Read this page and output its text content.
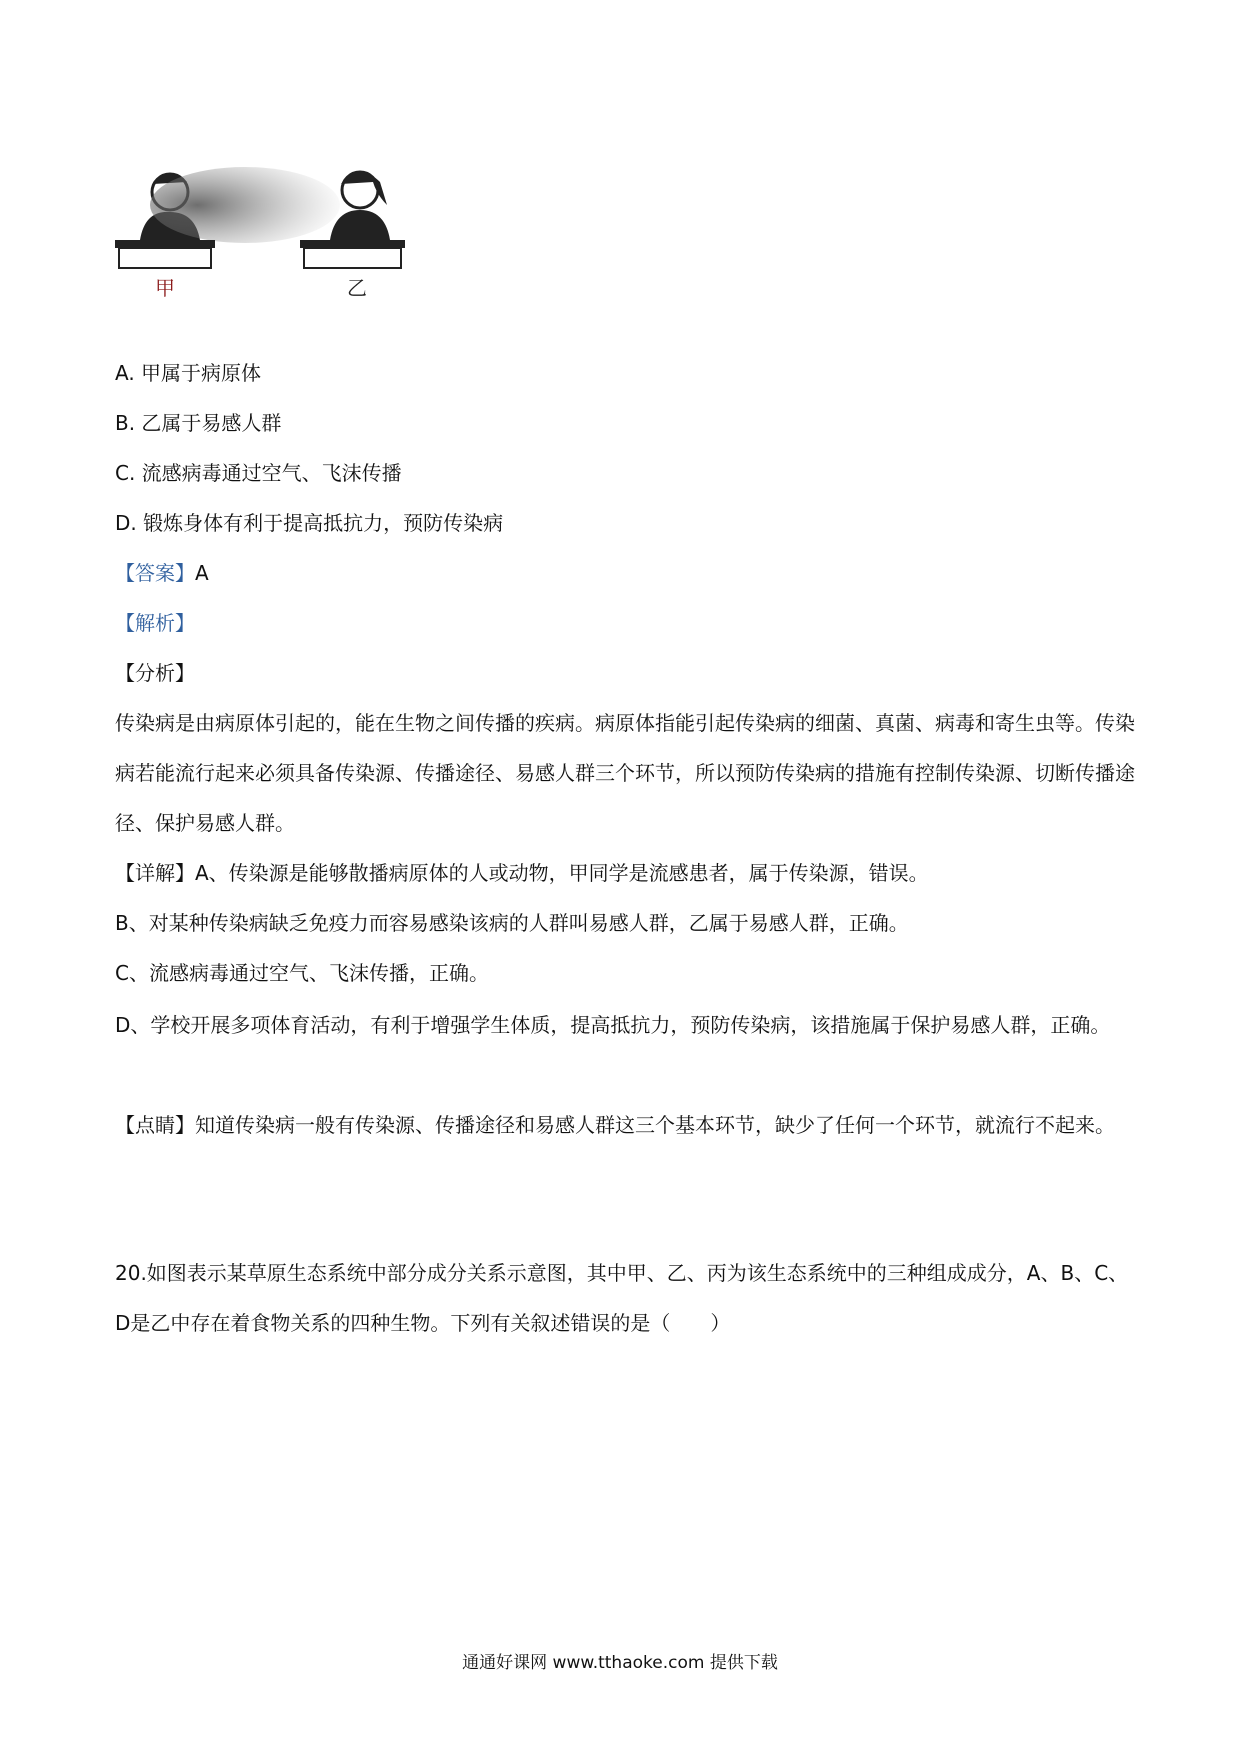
甲	乙
A. 甲属于病原体
B. 乙属于易感人群
C. 流感病毒通过空气、飞沫传播
D. 锻炼身体有利于提高抵抗力，预防传染病
【答案】A
【解析】
【分析】
传染病是由病原体引起的，能在生物之间传播的疾病。病原体指能引起传染病的细菌、真菌、病毒和寄生虫等。传染病若能流行起来必须具备传染源、传播途径、易感人群三个环节，所以预防传染病的措施有控制传染源、切断传播途径、保护易感人群。
【详解】A、传染源是能够散播病原体的人或动物，甲同学是流感患者，属于传染源，错误。
B、对某种传染病缺乏免疫力而容易感染该病的人群叫易感人群，乙属于易感人群，正确。
C、流感病毒通过空气、飞沫传播，正确。
D、学校开展多项体育活动，有利于增强学生体质，提高抵抗力，预防传染病，该措施属于保护易感人群，正确。
【点睛】知道传染病一般有传染源、传播途径和易感人群这三个基本环节，缺少了任何一个环节，就流行不起来。
20.如图表示某草原生态系统中部分成分关系示意图，其中甲、乙、丙为该生态系统中的三种组成成分，A、B、C、D是乙中存在着食物关系的四种生物。下列有关叙述错误的是（　　）
通通好课网 www.tthaoke.com 提供下载
